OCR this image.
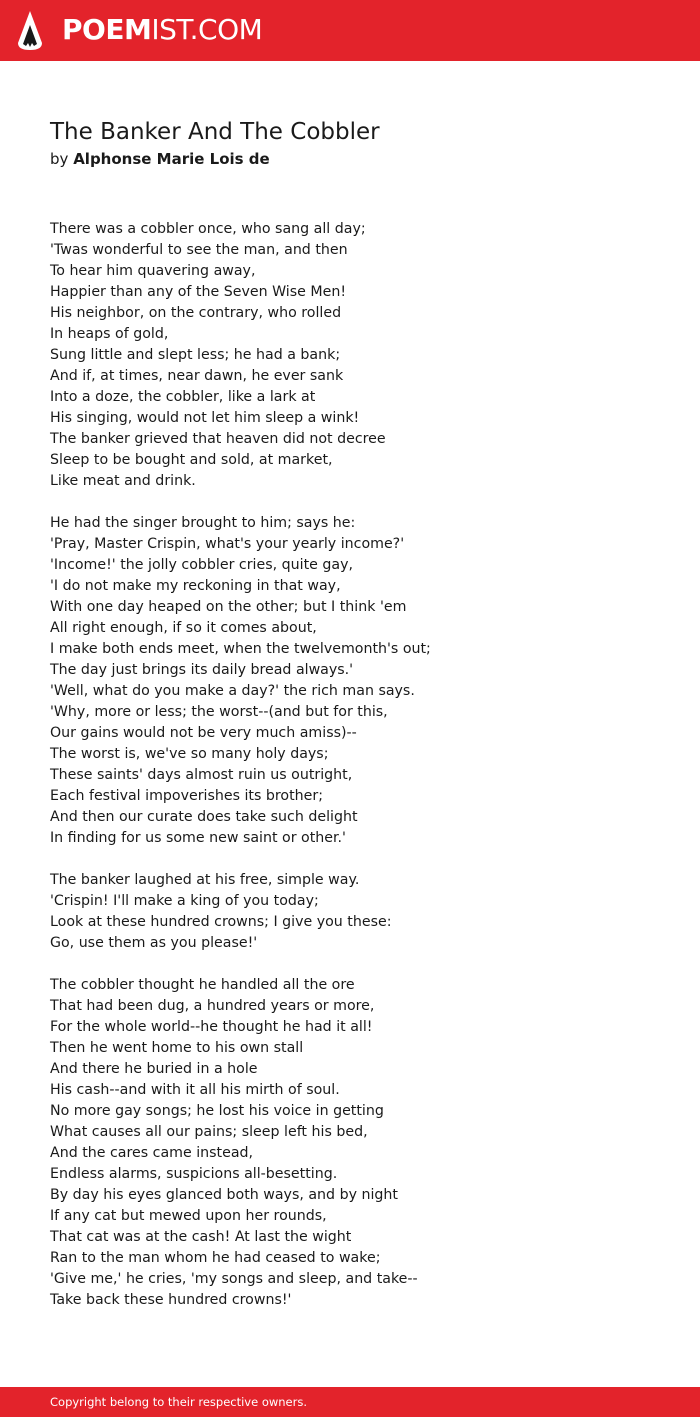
POEMIST.COM
The Banker And The Cobbler
by Alphonse Marie Lois de
There was a cobbler once, who sang all day;
'Twas wonderful to see the man, and then
To hear him quavering away,
Happier than any of the Seven Wise Men!
His neighbor, on the contrary, who rolled
In heaps of gold,
Sung little and slept less; he had a bank;
And if, at times, near dawn, he ever sank
Into a doze, the cobbler, like a lark at
His singing, would not let him sleep a wink!
The banker grieved that heaven did not decree
Sleep to be bought and sold, at market,
Like meat and drink.
He had the singer brought to him; says he:
'Pray, Master Crispin, what's your yearly income?'
'Income!' the jolly cobbler cries, quite gay,
'I do not make my reckoning in that way,
With one day heaped on the other; but I think 'em
All right enough, if so it comes about,
I make both ends meet, when the twelvemonth's out;
The day just brings its daily bread always.'
'Well, what do you make a day?' the rich man says.
'Why, more or less; the worst--(and but for this,
Our gains would not be very much amiss)--
The worst is, we've so many holy days;
These saints' days almost ruin us outright,
Each festival impoverishes its brother;
And then our curate does take such delight
In finding for us some new saint or other.'
The banker laughed at his free, simple way.
'Crispin! I'll make a king of you today;
Look at these hundred crowns; I give you these:
Go, use them as you please!'
The cobbler thought he handled all the ore
That had been dug, a hundred years or more,
For the whole world--he thought he had it all!
Then he went home to his own stall
And there he buried in a hole
His cash--and with it all his mirth of soul.
No more gay songs; he lost his voice in getting
What causes all our pains; sleep left his bed,
And the cares came instead,
Endless alarms, suspicions all-besetting.
By day his eyes glanced both ways, and by night
If any cat but mewed upon her rounds,
That cat was at the cash! At last the wight
Ran to the man whom he had ceased to wake;
'Give me,' he cries, 'my songs and sleep, and take--
Take back these hundred crowns!'
Copyright belong to their respective owners.
